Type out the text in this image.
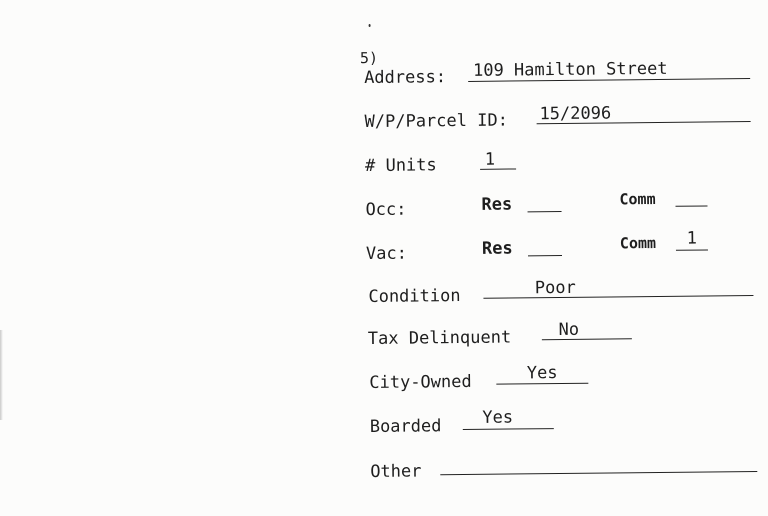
5)
Address: 109 Hamilton Street
W/P/Parcel ID: 15/2096
# Units	1
Occ:	Res	Comm
Vac:	Res	Comm	1
Condition	Poor
Tax Delinquent	No
City-Owned	Yes
Boarded	Yes
Other
